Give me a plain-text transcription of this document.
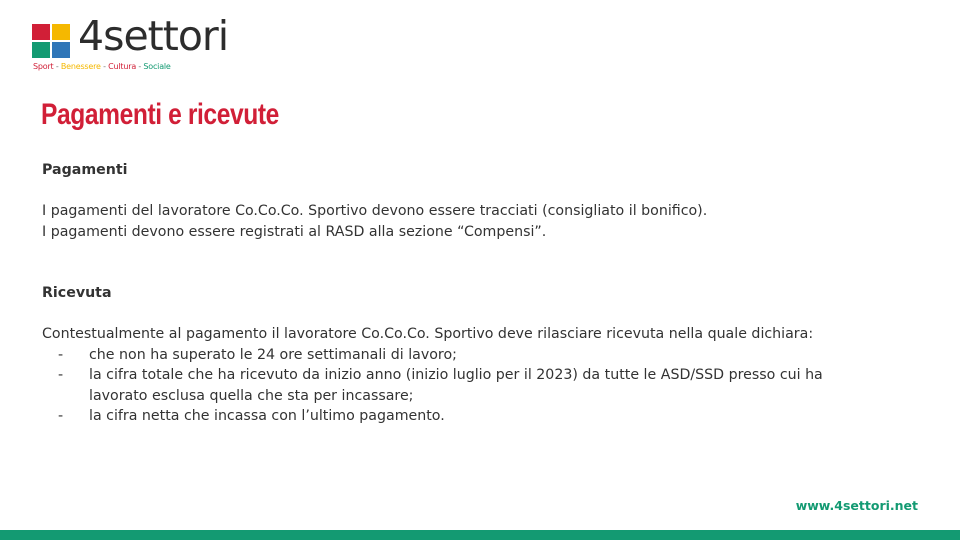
4settori
Sport - Benessere - Cultura - Sociale
Pagamenti e ricevute

Pagamenti

I pagamenti del lavoratore Co.Co.Co. Sportivo devono essere tracciati (consigliato il bonifico).

I pagamenti devono essere registrati al RASD alla sezione “Compensi”.

Ricevuta

Contestualmente al pagamento il lavoratore Co.Co.Co. Sportivo deve rilasciare ricevuta nella quale dichiara:

- che non ha superato le 24 ore settimanali di lavoro;
- la cifra totale che ha ricevuto da inizio anno (inizio luglio per il 2023) da tutte le ASD/SSD presso cui ha
lavorato esclusa quella che sta per incassare;
- la cifra netta che incassa con l’ultimo pagamento.
www.4settori.net
